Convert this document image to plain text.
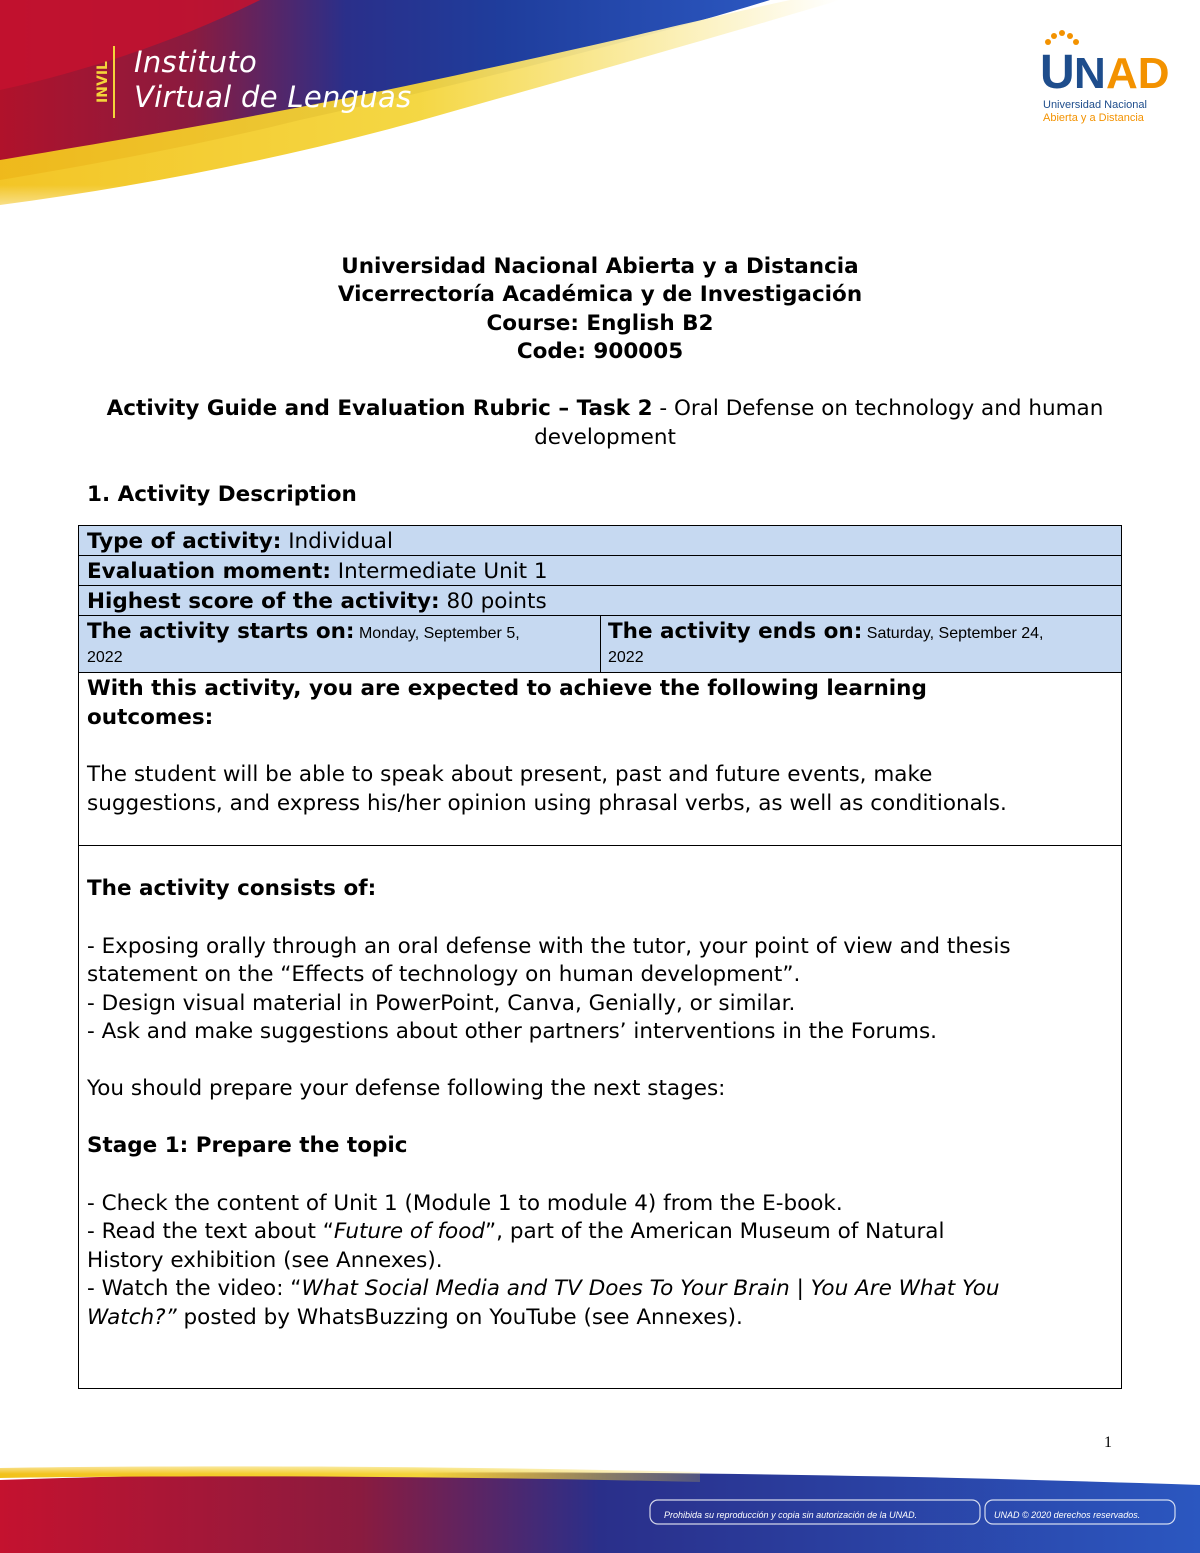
INVIL Instituto
Virtual de Lenguas	U N AD
Universidad Nacional
Abierta y a Distancia
Universidad Nacional Abierta y a Distancia
Vicerrectoría Académica y de Investigación
Course: English B2
Code: 900005
Activity Guide and Evaluation Rubric – Task 2 - Oral Defense on technology and human development
1. Activity Description
Type of activity: Individual
Evaluation moment: Intermediate Unit 1
Highest score of the activity: 80 points
The activity starts on: Monday, September 5,
2022
The activity ends on: Saturday, September 24,
2022

With this activity, you are expected to achieve the following learning

outcomes:

The student will be able to speak about present, past and future events, make

suggestions, and express his/her opinion using phrasal verbs, as well as conditionals.

The activity consists of:

- Exposing orally through an oral defense with the tutor, your point of view and thesis

statement on the “Effects of technology on human development”.

- Design visual material in PowerPoint, Canva, Genially, or similar.

- Ask and make suggestions about other partners’ interventions in the Forums.

You should prepare your defense following the next stages:

Stage 1: Prepare the topic

- Check the content of Unit 1 (Module 1 to module 4) from the E-book.

- Read the text about “Future of food”, part of the American Museum of Natural

History exhibition (see Annexes).

- Watch the video: “What Social Media and TV Does To Your Brain | You Are What You

Watch?” posted by WhatsBuzzing on YouTube (see Annexes).

1
Prohibida su reproducción y copia sin autorización de la UNAD.	UNAD © 2020 derechos reservados.
